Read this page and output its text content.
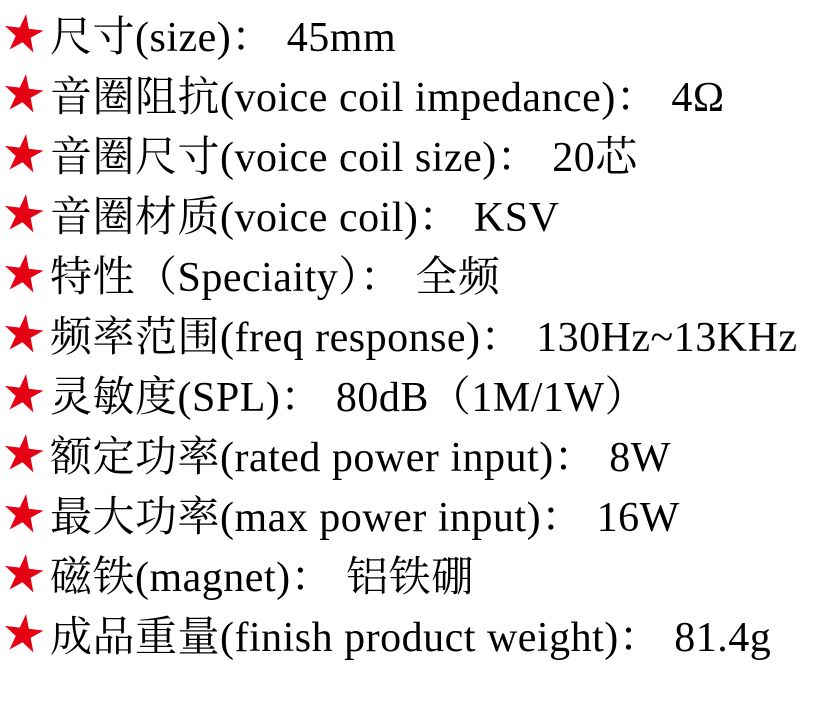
尺寸(size)： 45mm
音圈阻抗(voice coil impedance)： 4Ω
音圈尺寸(voice coil size)： 20芯
音圈材质(voice coil)： KSV
特性（Speciaity）： 全频
频率范围(freq response)： 130Hz~13KHz
灵敏度(SPL)： 80dB（1M/1W）
额定功率(rated power input)： 8W
最大功率(max power input)： 16W
磁铁(magnet)： 铝铁硼
成品重量(finish product weight)： 81.4g
